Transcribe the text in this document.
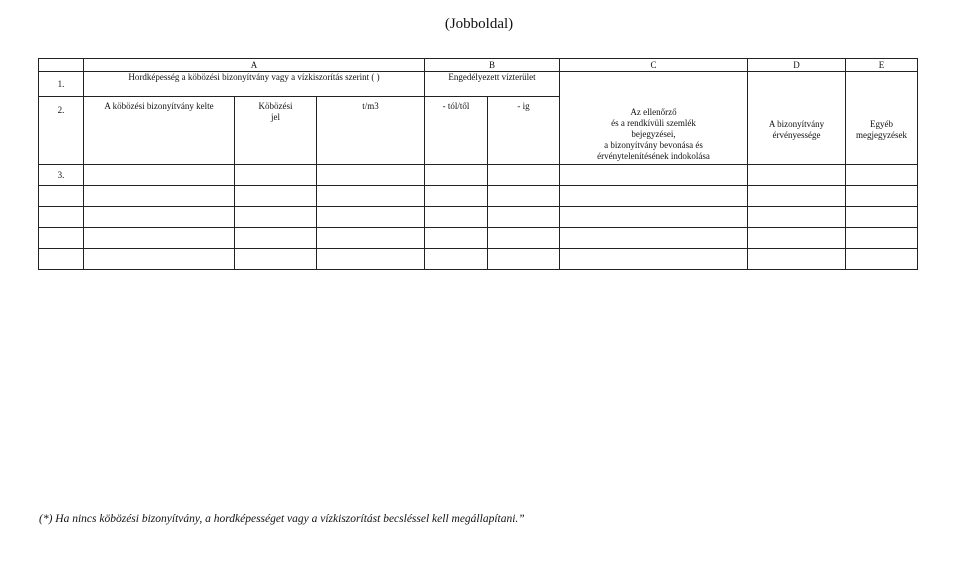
(Jobboldal)
	A			B		C	D	E
1.	Hordképesség a köbözési bizonyítvány vagy a vízkiszorítás szerint ( )			Engedélyezett vízterület		Az ellenőrző
és a rendkívüli szemlék
bejegyzései,
a bizonyítvány bevonása és
érvénytelenítésének indokolása	A bizonyítvány érvényessége	Egyéb megjegyzések

2.	A köbözési bizonyítvány kelte	Köbözési jel	t/m3	- tól/től	- ig			
3.								

(*) Ha nincs köbözési bizonyítvány, a hordképességet vagy a vízkiszorítást becsléssel kell megállapítani.”
